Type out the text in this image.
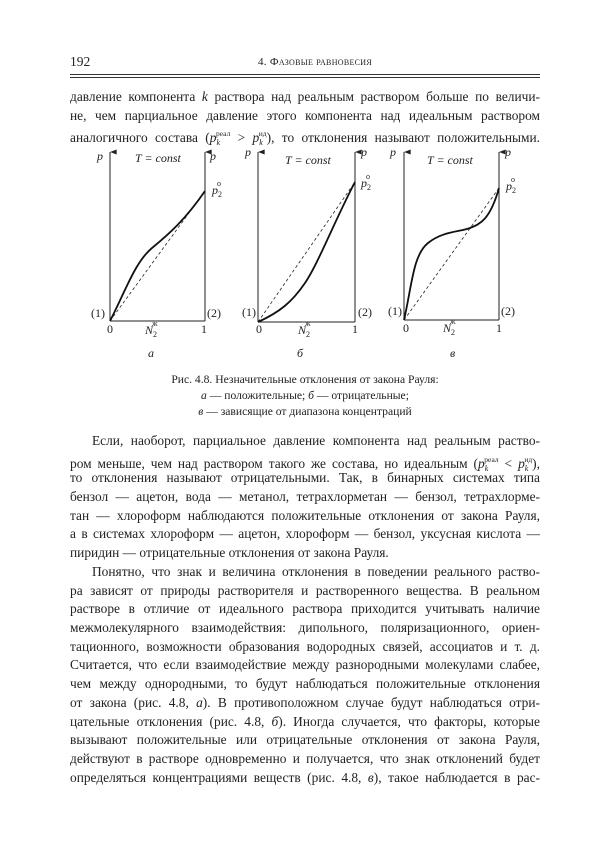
192	4. Фазовые равновесия
давление компонента k раствора над реальным раствором больше по величи-
не, чем парциальное давление этого компонента над идеальным раствором
аналогичного состава $(p_k^{реал} > p_k^{ид})$, то отклонения называют положительными.
p	p
T = const
$p_2o$
(1)	(2)
0	1
$N_2ж$
а
p	p
T = const
$p_2o$
(1)	(2)
0	1
$N_2ж$
б
p	p
T = const
$p_2o$
(1)	(2)
0	1
$N_2ж$
в
Рис. 4.8. Незначительные отклонения от закона Рауля:
а — положительные; б — отрицательные;
в — зависящие от диапазона концентраций
Если, наоборот, парциальное давление компонента над реальным раство-
ром меньше, чем над раствором такого же состава, но идеальным $(p_k^{реал} < p_k^{ид})$,
то отклонения называют отрицательными. Так, в бинарных системах типа
бензол — ацетон, вода — метанол, тетрахлорметан — бензол, тетрахлорме-
тан — хлороформ наблюдаются положительные отклонения от закона Рауля,
а в системах хлороформ — ацетон, хлороформ — бензол, уксусная кислота —
пиридин — отрицательные отклонения от закона Рауля.
Понятно, что знак и величина отклонения в поведении реального раство-
ра зависят от природы растворителя и растворенного вещества. В реальном
растворе в отличие от идеального раствора приходится учитывать наличие
межмолекулярного взаимодействия: дипольного, поляризационного, ориен-
тационного, возможности образования водородных связей, ассоциатов и т. д.
Считается, что если взаимодействие между разнородными молекулами слабее,
чем между однородными, то будут наблюдаться положительные отклонения
от закона (рис. 4.8, а). В противоположном случае будут наблюдаться отри-
цательные отклонения (рис. 4.8, б). Иногда случается, что факторы, которые
вызывают положительные или отрицательные отклонения от закона Рауля,
действуют в растворе одновременно и получается, что знак отклонений будет
определяться концентрациями веществ (рис. 4.8, в), такое наблюдается в рас-
